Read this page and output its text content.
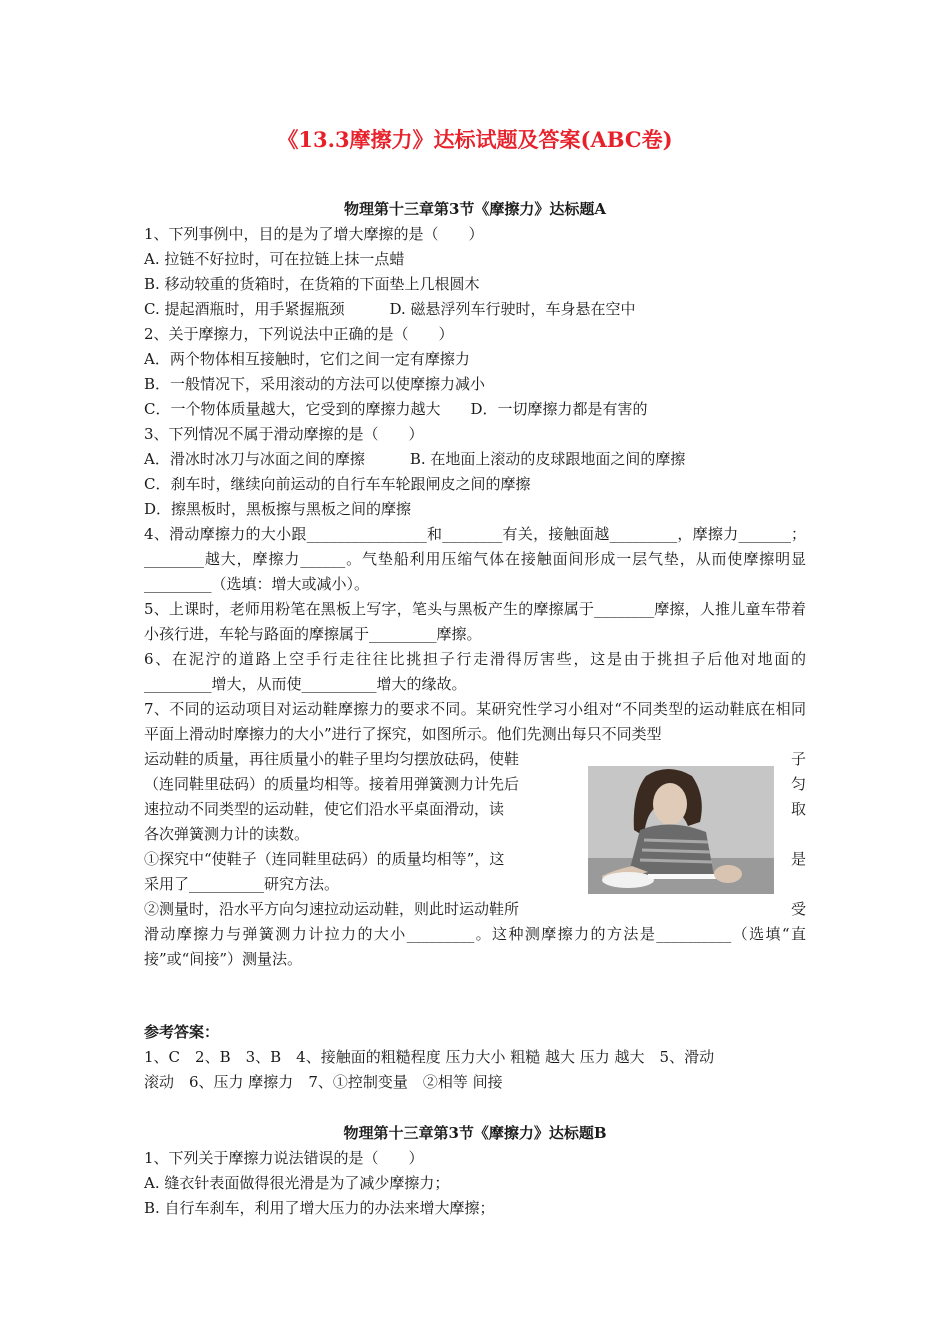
《13.3摩擦力》达标试题及答案(ABC卷)
物理第十三章第3节《摩擦力》达标题A

1、下列事例中，目的是为了增大摩擦的是（　　）

A. 拉链不好拉时，可在拉链上抹一点蜡

B. 移动较重的货箱时，在货箱的下面垫上几根圆木

C. 提起酒瓶时，用手紧握瓶颈　　　D. 磁悬浮列车行驶时，车身悬在空中

2、关于摩擦力，下列说法中正确的是（　　）

A．两个物体相互接触时，它们之间一定有摩擦力

B．一般情况下，采用滚动的方法可以使摩擦力减小

C．一个物体质量越大，它受到的摩擦力越大　　D．一切摩擦力都是有害的

3、下列情况不属于滑动摩擦的是（　　）

A．滑冰时冰刀与冰面之间的摩擦　　　B. 在地面上滚动的皮球跟地面之间的摩擦

C．刹车时，继续向前运动的自行车车轮跟闸皮之间的摩擦

D．擦黑板时，黑板擦与黑板之间的摩擦

4、滑动摩擦力的大小跟________________和________有关，接触面越_________，摩擦力_______；________越大，摩擦力______。气垫船利用压缩气体在接触面间形成一层气垫，从而使摩擦明显_________（选填：增大或减小）。

5、上课时，老师用粉笔在黑板上写字，笔头与黑板产生的摩擦属于________摩擦，人推儿童车带着小孩行进，车轮与路面的摩擦属于_________摩擦。

6、在泥泞的道路上空手行走往往比挑担子行走滑得厉害些，这是由于挑担子后他对地面的_________增大，从而使__________增大的缘故。

7、不同的运动项目对运动鞋摩擦力的要求不同。某研究性学习小组对“不同类型的运动鞋底在相同平面上滑动时摩擦力的大小”进行了探究，如图所示。他们先测出每只不同类型

运动鞋的质量，再往质量小的鞋子里均匀摆放砝码，使鞋

（连同鞋里砝码）的质量均相等。接着用弹簧测力计先后

速拉动不同类型的运动鞋，使它们沿水平桌面滑动，读

各次弹簧测力计的读数。

①探究中“使鞋子（连同鞋里砝码）的质量均相等”，这

采用了__________研究方法。

②测量时，沿水平方向匀速拉动运动鞋，则此时运动鞋所

滑动摩擦力与弹簧测力计拉力的大小_________。这种测摩擦力的方法是__________（选填“直接”或“间接”）测量法。

子
匀
取
是
受

参考答案：

1、C　2、B　3、B　4、接触面的粗糙程度 压力大小 粗糙 越大 压力 越大　5、滑动

滚动　6、压力 摩擦力　7、①控制变量　②相等 间接

物理第十三章第3节《摩擦力》达标题B

1、下列关于摩擦力说法错误的是（　　）

A. 缝衣针表面做得很光滑是为了减少摩擦力；

B. 自行车刹车，利用了增大压力的办法来增大摩擦；
